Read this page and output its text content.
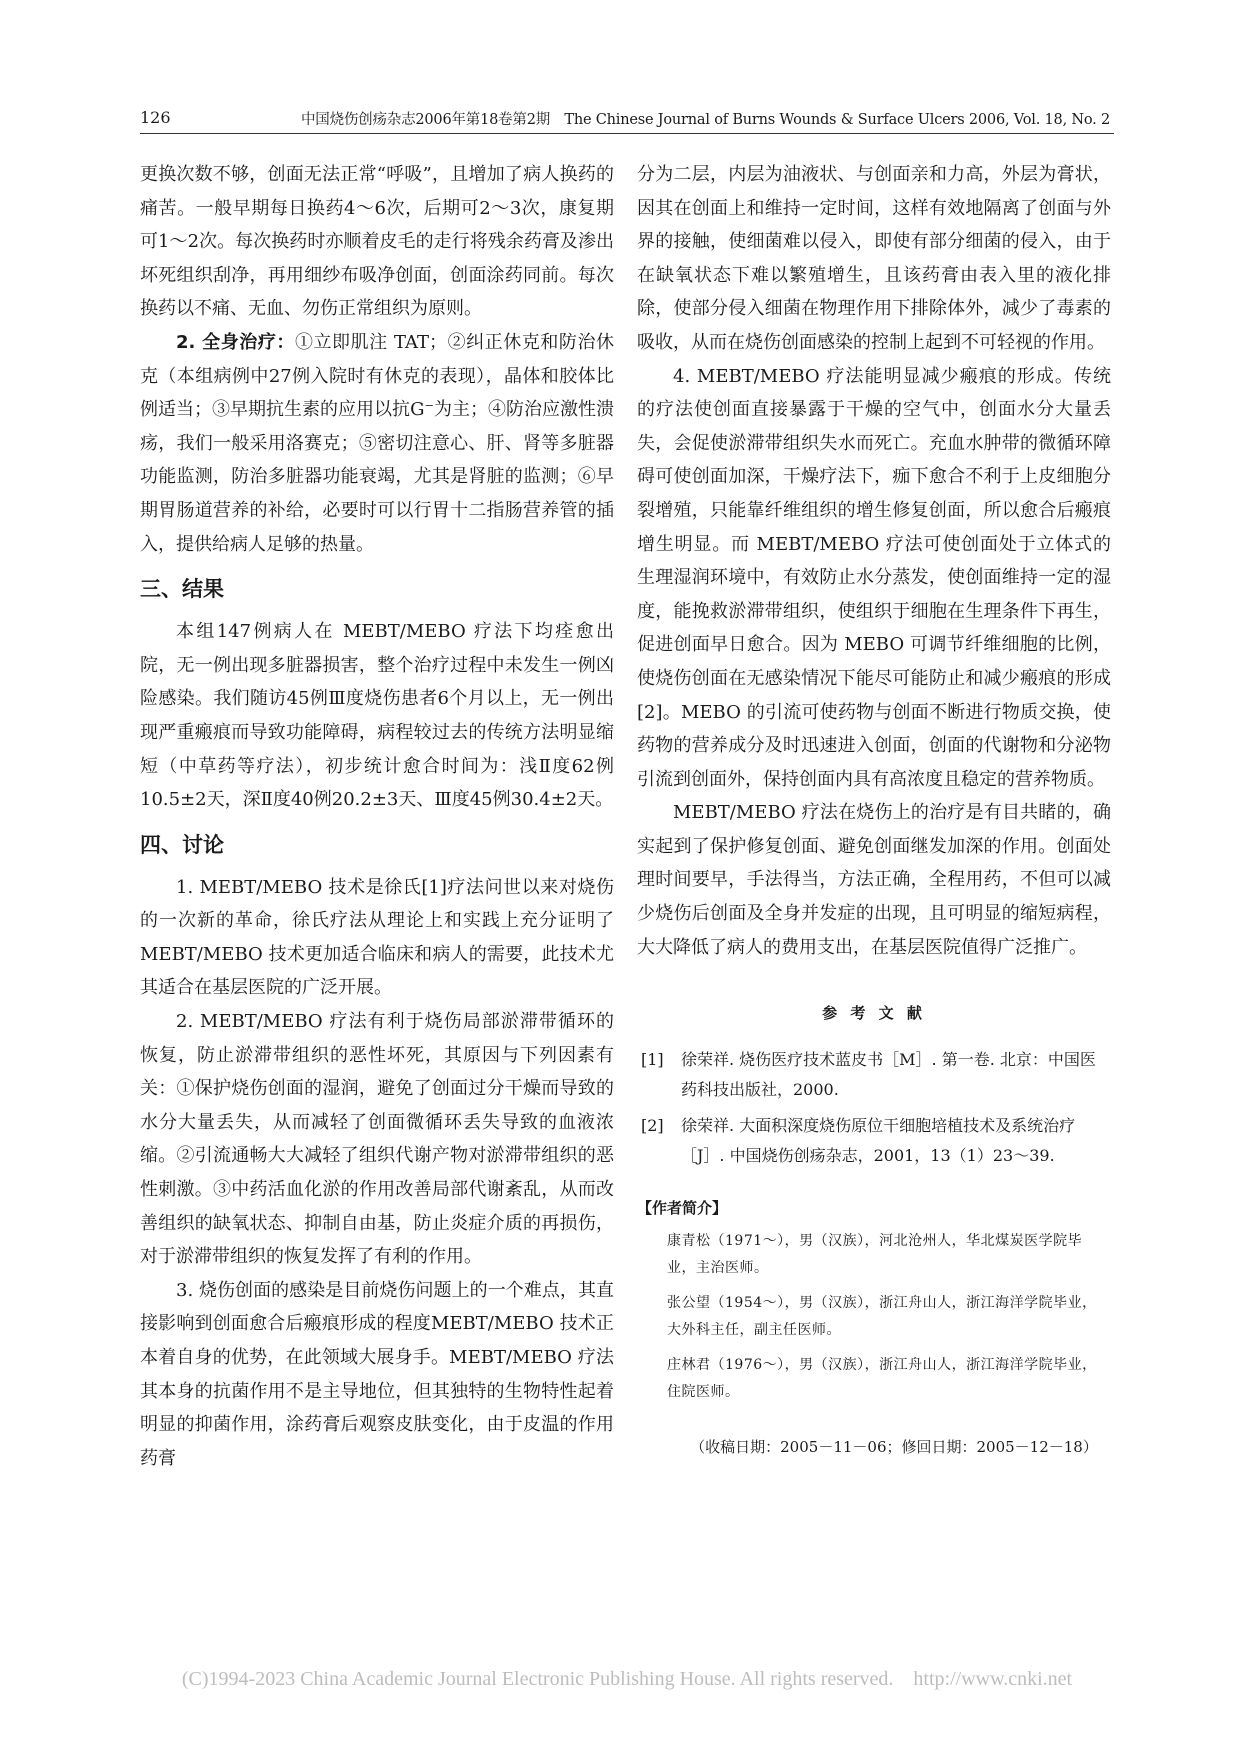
126	中国烧伤创疡杂志2006年第18卷第2期　The Chinese Journal of Burns Wounds & Surface Ulcers 2006, Vol. 18, No. 2

更换次数不够，创面无法正常“呼吸”，且增加了病人换药的痛苦。一般早期每日换药4～6次，后期可2～3次，康复期可1～2次。每次换药时亦顺着皮毛的走行将残余药膏及渗出坏死组织刮净，再用细纱布吸净创面，创面涂药同前。每次换药以不痛、无血、勿伤正常组织为原则。

2. 全身治疗：①立即肌注 TAT；②纠正休克和防治休克（本组病例中27例入院时有休克的表现），晶体和胶体比例适当；③早期抗生素的应用以抗G⁻为主；④防治应激性溃疡，我们一般采用洛赛克；⑤密切注意心、肝、肾等多脏器功能监测，防治多脏器功能衰竭，尤其是肾脏的监测；⑥早期胃肠道营养的补给，必要时可以行胃十二指肠营养管的插入，提供给病人足够的热量。

三、结果

本组147例病人在 MEBT/MEBO 疗法下均痊愈出院，无一例出现多脏器损害，整个治疗过程中未发生一例凶险感染。我们随访45例Ⅲ度烧伤患者6个月以上，无一例出现严重瘢痕而导致功能障碍，病程较过去的传统方法明显缩短（中草药等疗法），初步统计愈合时间为：浅Ⅱ度62例10.5±2天，深Ⅱ度40例20.2±3天、Ⅲ度45例30.4±2天。

四、讨论

1. MEBT/MEBO 技术是徐氏[1]疗法问世以来对烧伤的一次新的革命，徐氏疗法从理论上和实践上充分证明了 MEBT/MEBO 技术更加适合临床和病人的需要，此技术尤其适合在基层医院的广泛开展。

2. MEBT/MEBO 疗法有利于烧伤局部淤滞带循环的恢复，防止淤滞带组织的恶性坏死，其原因与下列因素有关：①保护烧伤创面的湿润，避免了创面过分干燥而导致的水分大量丢失，从而减轻了创面微循环丢失导致的血液浓缩。②引流通畅大大减轻了组织代谢产物对淤滞带组织的恶性刺激。③中药活血化淤的作用改善局部代谢紊乱，从而改善组织的缺氧状态、抑制自由基，防止炎症介质的再损伤，对于淤滞带组织的恢复发挥了有利的作用。

3. 烧伤创面的感染是目前烧伤问题上的一个难点，其直接影响到创面愈合后瘢痕形成的程度MEBT/MEBO 技术正本着自身的优势，在此领域大展身手。MEBT/MEBO 疗法其本身的抗菌作用不是主导地位，但其独特的生物特性起着明显的抑菌作用，涂药膏后观察皮肤变化，由于皮温的作用药膏

分为二层，内层为油液状、与创面亲和力高，外层为膏状，因其在创面上和维持一定时间，这样有效地隔离了创面与外界的接触，使细菌难以侵入，即使有部分细菌的侵入，由于在缺氧状态下难以繁殖增生，且该药膏由表入里的液化排除，使部分侵入细菌在物理作用下排除体外，减少了毒素的吸收，从而在烧伤创面感染的控制上起到不可轻视的作用。

4. MEBT/MEBO 疗法能明显减少瘢痕的形成。传统的疗法使创面直接暴露于干燥的空气中，创面水分大量丢失，会促使淤滞带组织失水而死亡。充血水肿带的微循环障碍可使创面加深，干燥疗法下，痂下愈合不利于上皮细胞分裂增殖，只能靠纤维组织的增生修复创面，所以愈合后瘢痕增生明显。而 MEBT/MEBO 疗法可使创面处于立体式的生理湿润环境中，有效防止水分蒸发，使创面维持一定的湿度，能挽救淤滞带组织，使组织于细胞在生理条件下再生，促进创面早日愈合。因为 MEBO 可调节纤维细胞的比例，使烧伤创面在无感染情况下能尽可能防止和减少瘢痕的形成[2]。MEBO 的引流可使药物与创面不断进行物质交换，使药物的营养成分及时迅速进入创面，创面的代谢物和分泌物引流到创面外，保持创面内具有高浓度且稳定的营养物质。

MEBT/MEBO 疗法在烧伤上的治疗是有目共睹的，确实起到了保护修复创面、避免创面继发加深的作用。创面处理时间要早，手法得当，方法正确，全程用药，不但可以减少烧伤后创面及全身并发症的出现，且可明显的缩短病程，大大降低了病人的费用支出，在基层医院值得广泛推广。

参 考 文 献
[1] 徐荣祥. 烧伤医疗技术蓝皮书［M］. 第一卷. 北京：中国医药科技出版社，2000.
[2] 徐荣祥. 大面积深度烧伤原位干细胞培植技术及系统治疗［J］. 中国烧伤创疡杂志，2001，13（1）23～39.
【作者简介】
康青松（1971～），男（汉族），河北沧州人，华北煤炭医学院毕业，主治医师。
张公望（1954～），男（汉族），浙江舟山人，浙江海洋学院毕业，大外科主任，副主任医师。
庄林君（1976～），男（汉族），浙江舟山人，浙江海洋学院毕业，住院医师。
（收稿日期：2005－11－06；修回日期：2005－12－18）
(C)1994-2023 China Academic Journal Electronic Publishing House. All rights reserved.　http://www.cnki.net
